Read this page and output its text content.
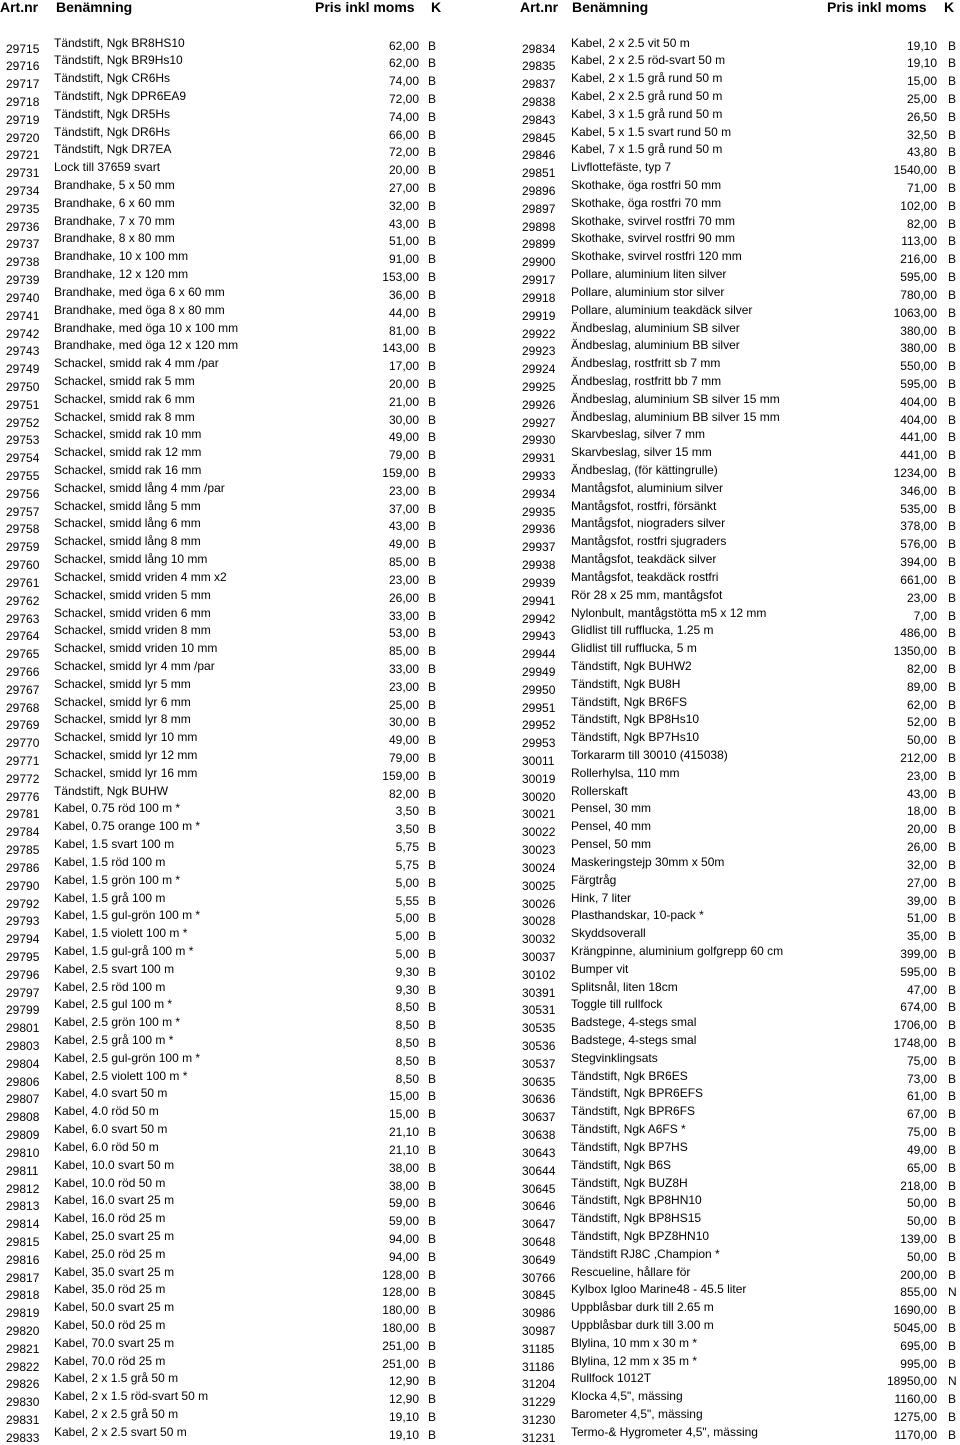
Art.nr Benämning	Pris inkl moms K
29715 Tändstift, Ngk BR8HS10	62,00 B
29716 Tändstift, Ngk BR9Hs10	62,00 B
29717 Tändstift, Ngk CR6Hs	74,00 B
29718 Tändstift, Ngk DPR6EA9	72,00 B
29719 Tändstift, Ngk DR5Hs	74,00 B
29720 Tändstift, Ngk DR6Hs	66,00 B
29721 Tändstift, Ngk DR7EA	72,00 B
29731 Lock till 37659 svart	20,00 B
29734 Brandhake, 5 x 50 mm	27,00 B
29735 Brandhake, 6 x 60 mm	32,00 B
29736 Brandhake, 7 x 70 mm	43,00 B
29737 Brandhake, 8 x 80 mm	51,00 B
29738 Brandhake, 10 x 100 mm	91,00 B
29739 Brandhake, 12 x 120 mm	153,00 B
29740 Brandhake, med öga 6 x 60 mm	36,00 B
29741 Brandhake, med öga 8 x 80 mm	44,00 B
29742 Brandhake, med öga 10 x 100 mm	81,00 B
29743 Brandhake, med öga 12 x 120 mm	143,00 B
29749 Schackel, smidd rak 4 mm /par	17,00 B
29750 Schackel, smidd rak 5 mm	20,00 B
29751 Schackel, smidd rak 6 mm	21,00 B
29752 Schackel, smidd rak 8 mm	30,00 B
29753 Schackel, smidd rak 10 mm	49,00 B
29754 Schackel, smidd rak 12 mm	79,00 B
29755 Schackel, smidd rak 16 mm	159,00 B
29756 Schackel, smidd lång 4 mm /par	23,00 B
29757 Schackel, smidd lång 5 mm	37,00 B
29758 Schackel, smidd lång 6 mm	43,00 B
29759 Schackel, smidd lång 8 mm	49,00 B
29760 Schackel, smidd lång 10 mm	85,00 B
29761 Schackel, smidd vriden 4 mm x2	23,00 B
29762 Schackel, smidd vriden 5 mm	26,00 B
29763 Schackel, smidd vriden 6 mm	33,00 B
29764 Schackel, smidd vriden 8 mm	53,00 B
29765 Schackel, smidd vriden 10 mm	85,00 B
29766 Schackel, smidd lyr 4 mm /par	33,00 B
29767 Schackel, smidd lyr 5 mm	23,00 B
29768 Schackel, smidd lyr 6 mm	25,00 B
29769 Schackel, smidd lyr 8 mm	30,00 B
29770 Schackel, smidd lyr 10 mm	49,00 B
29771 Schackel, smidd lyr 12 mm	79,00 B
29772 Schackel, smidd lyr 16 mm	159,00 B
29776 Tändstift, Ngk BUHW	82,00 B
29781 Kabel, 0.75 röd 100 m *	3,50 B
29784 Kabel, 0.75 orange 100 m *	3,50 B
29785 Kabel, 1.5 svart 100 m	5,75 B
29786 Kabel, 1.5 röd 100 m	5,75 B
29790 Kabel, 1.5 grön 100 m *	5,00 B
29792 Kabel, 1.5 grå 100 m	5,55 B
29793 Kabel, 1.5 gul-grön 100 m *	5,00 B
29794 Kabel, 1.5 violett 100 m *	5,00 B
29795 Kabel, 1.5 gul-grå 100 m *	5,00 B
29796 Kabel, 2.5 svart 100 m	9,30 B
29797 Kabel, 2.5 röd 100 m	9,30 B
29799 Kabel, 2.5 gul 100 m *	8,50 B
29801 Kabel, 2.5 grön 100 m *	8,50 B
29803 Kabel, 2.5 grå 100 m *	8,50 B
29804 Kabel, 2.5 gul-grön 100 m *	8,50 B
29806 Kabel, 2.5 violett 100 m *	8,50 B
29807 Kabel, 4.0 svart 50 m	15,00 B
29808 Kabel, 4.0 röd 50 m	15,00 B
29809 Kabel, 6.0 svart 50 m	21,10 B
29810 Kabel, 6.0 röd 50 m	21,10 B
29811 Kabel, 10.0 svart 50 m	38,00 B
29812 Kabel, 10.0 röd 50 m	38,00 B
29813 Kabel, 16.0 svart 25 m	59,00 B
29814 Kabel, 16.0 röd 25 m	59,00 B
29815 Kabel, 25.0 svart 25 m	94,00 B
29816 Kabel, 25.0 röd 25 m	94,00 B
29817 Kabel, 35.0 svart 25 m	128,00 B
29818 Kabel, 35.0 röd 25 m	128,00 B
29819 Kabel, 50.0 svart 25 m	180,00 B
29820 Kabel, 50.0 röd 25 m	180,00 B
29821 Kabel, 70.0 svart 25 m	251,00 B
29822 Kabel, 70.0 röd 25 m	251,00 B
29826 Kabel, 2 x 1.5 grå 50 m	12,90 B
29830 Kabel, 2 x 1.5 röd-svart 50 m	12,90 B
29831 Kabel, 2 x 2.5 grå 50 m	19,10 B
29833 Kabel, 2 x 2.5 svart 50 m	19,10 B
Art.nr Benämning	Pris inkl moms K
29834 Kabel, 2 x 2.5 vit 50 m	19,10 B
29835 Kabel, 2 x 2.5 röd-svart 50 m	19,10 B
29837 Kabel, 2 x 1.5 grå rund 50 m	15,00 B
29838 Kabel, 2 x 2.5 grå rund 50 m	25,00 B
29843 Kabel, 3 x 1.5 grå rund 50 m	26,50 B
29845 Kabel, 5 x 1.5 svart rund 50 m	32,50 B
29846 Kabel, 7 x 1.5 grå rund 50 m	43,80 B
29851 Livflottefäste, typ 7	1540,00 B
29896 Skothake, öga rostfri 50 mm	71,00 B
29897 Skothake, öga rostfri 70 mm	102,00 B
29898 Skothake, svirvel rostfri 70 mm	82,00 B
29899 Skothake, svirvel rostfri 90 mm	113,00 B
29900 Skothake, svirvel rostfri 120 mm	216,00 B
29917 Pollare, aluminium liten silver	595,00 B
29918 Pollare, aluminium stor silver	780,00 B
29919 Pollare, aluminium teakdäck silver	1063,00 B
29922 Ändbeslag, aluminium SB silver	380,00 B
29923 Ändbeslag, aluminium BB silver	380,00 B
29924 Ändbeslag, rostfritt sb 7 mm	550,00 B
29925 Ändbeslag, rostfritt bb 7 mm	595,00 B
29926 Ändbeslag, aluminium SB silver 15 mm	404,00 B
29927 Ändbeslag, aluminium BB silver 15 mm	404,00 B
29930 Skarvbeslag, silver 7 mm	441,00 B
29931 Skarvbeslag, silver 15 mm	441,00 B
29933 Ändbeslag, (för kättingrulle)	1234,00 B
29934 Mantågsfot, aluminium silver	346,00 B
29935 Mantågsfot, rostfri, försänkt	535,00 B
29936 Mantågsfot, niograders silver	378,00 B
29937 Mantågsfot, rostfri sjugraders	576,00 B
29938 Mantågsfot, teakdäck silver	394,00 B
29939 Mantågsfot, teakdäck rostfri	661,00 B
29941 Rör 28 x 25 mm, mantågsfot	23,00 B
29942 Nylonbult, mantågstötta m5 x 12 mm	7,00 B
29943 Glidlist till rufflucka, 1.25 m	486,00 B
29944 Glidlist till rufflucka, 5 m	1350,00 B
29949 Tändstift, Ngk BUHW2	82,00 B
29950 Tändstift, Ngk BU8H	89,00 B
29951 Tändstift, Ngk BR6FS	62,00 B
29952 Tändstift, Ngk BP8Hs10	52,00 B
29953 Tändstift, Ngk BP7Hs10	50,00 B
30011 Torkararm till 30010 (415038)	212,00 B
30019 Rollerhylsa, 110 mm	23,00 B
30020 Rollerskaft	43,00 B
30021 Pensel, 30 mm	18,00 B
30022 Pensel, 40 mm	20,00 B
30023 Pensel, 50 mm	26,00 B
30024 Maskeringstejp 30mm x 50m	32,00 B
30025 Färgtråg	27,00 B
30026 Hink, 7 liter	39,00 B
30028 Plasthandskar, 10-pack *	51,00 B
30032 Skyddsoverall	35,00 B
30037 Krängpinne, aluminium golfgrepp 60 cm	399,00 B
30102 Bumper vit	595,00 B
30391 Splitsnål, liten 18cm	47,00 B
30531 Toggle till rullfock	674,00 B
30535 Badstege, 4-stegs smal	1706,00 B
30536 Badstege, 4-stegs smal	1748,00 B
30537 Stegvinklingsats	75,00 B
30635 Tändstift, Ngk BR6ES	73,00 B
30636 Tändstift, Ngk BPR6EFS	61,00 B
30637 Tändstift, Ngk BPR6FS	67,00 B
30638 Tändstift, Ngk A6FS *	75,00 B
30643 Tändstift, Ngk BP7HS	49,00 B
30644 Tändstift, Ngk B6S	65,00 B
30645 Tändstift, Ngk BUZ8H	218,00 B
30646 Tändstift, Ngk BP8HN10	50,00 B
30647 Tändstift, Ngk BP8HS15	50,00 B
30648 Tändstift, Ngk BPZ8HN10	139,00 B
30649 Tändstift RJ8C ,Champion *	50,00 B
30766 Rescueline, hållare för	200,00 B
30845 Kylbox Igloo Marine48 - 45.5 liter	855,00 N
30986 Uppblåsbar durk till 2.65 m	1690,00 B
30987 Uppblåsbar durk till 3.00 m	5045,00 B
31185 Blylina, 10 mm x 30 m *	695,00 B
31186 Blylina, 12 mm x 35 m *	995,00 B
31204 Rullfock 1012T	18950,00 N
31229 Klocka 4,5", mässing	1160,00 B
31230 Barometer 4,5", mässing	1275,00 B
31231 Termo-& Hygrometer 4,5", mässing	1170,00 B
